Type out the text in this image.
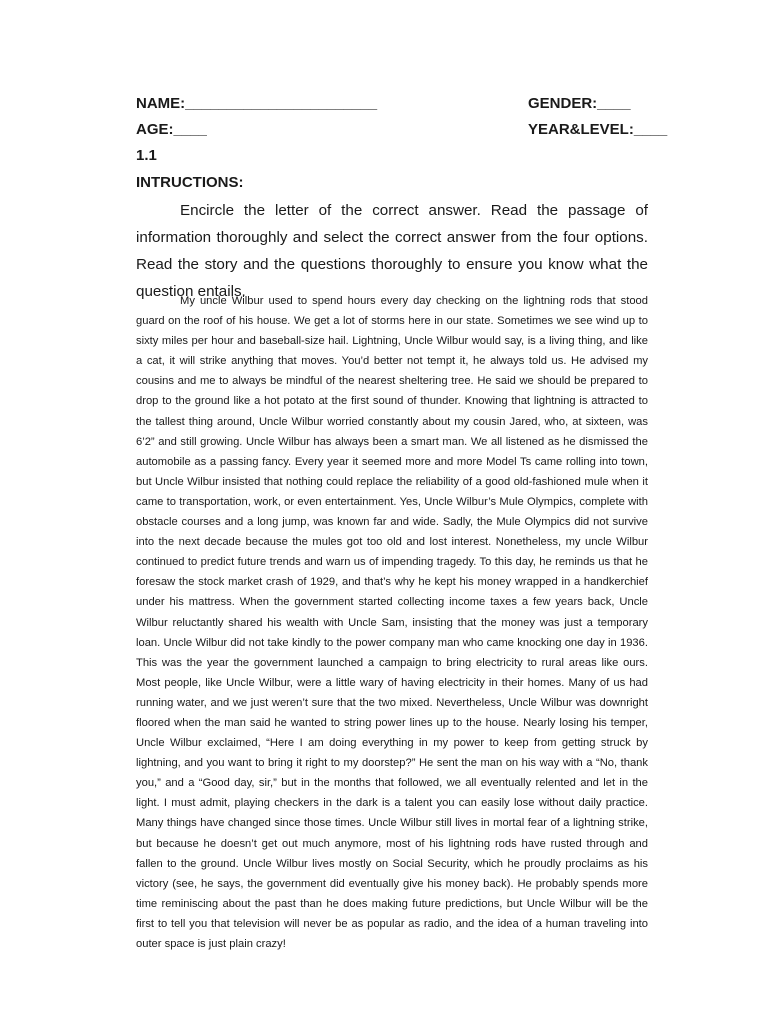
NAME:_______________________	GENDER:____
AGE:____	YEAR&LEVEL:____
1.1
INTRUCTIONS:

Encircle the letter of the correct answer. Read the passage of information thoroughly and select the correct answer from the four options. Read the story and the questions thoroughly to ensure you know what the question entails.

My uncle Wilbur used to spend hours every day checking on the lightning rods that stood guard on the roof of his house. We get a lot of storms here in our state. Sometimes we see wind up to sixty miles per hour and baseball-size hail. Lightning, Uncle Wilbur would say, is a living thing, and like a cat, it will strike anything that moves. You’d better not tempt it, he always told us. He advised my cousins and me to always be mindful of the nearest sheltering tree. He said we should be prepared to drop to the ground like a hot potato at the first sound of thunder. Knowing that lightning is attracted to the tallest thing around, Uncle Wilbur worried constantly about my cousin Jared, who, at sixteen, was 6’2” and still growing. Uncle Wilbur has always been a smart man. We all listened as he dismissed the automobile as a passing fancy. Every year it seemed more and more Model Ts came rolling into town, but Uncle Wilbur insisted that nothing could replace the reliability of a good old-fashioned mule when it came to transportation, work, or even entertainment. Yes, Uncle Wilbur’s Mule Olympics, complete with obstacle courses and a long jump, was known far and wide. Sadly, the Mule Olympics did not survive into the next decade because the mules got too old and lost interest. Nonetheless, my uncle Wilbur continued to predict future trends and warn us of impending tragedy. To this day, he reminds us that he foresaw the stock market crash of 1929, and that’s why he kept his money wrapped in a handkerchief under his mattress. When the government started collecting income taxes a few years back, Uncle Wilbur reluctantly shared his wealth with Uncle Sam, insisting that the money was just a temporary loan. Uncle Wilbur did not take kindly to the power company man who came knocking one day in 1936. This was the year the government launched a campaign to bring electricity to rural areas like ours. Most people, like Uncle Wilbur, were a little wary of having electricity in their homes. Many of us had running water, and we just weren’t sure that the two mixed. Nevertheless, Uncle Wilbur was downright floored when the man said he wanted to string power lines up to the house. Nearly losing his temper, Uncle Wilbur exclaimed, “Here I am doing everything in my power to keep from getting struck by lightning, and you want to bring it right to my doorstep?” He sent the man on his way with a “No, thank you,” and a “Good day, sir,” but in the months that followed, we all eventually relented and let in the light. I must admit, playing checkers in the dark is a talent you can easily lose without daily practice. Many things have changed since those times. Uncle Wilbur still lives in mortal fear of a lightning strike, but because he doesn’t get out much anymore, most of his lightning rods have rusted through and fallen to the ground. Uncle Wilbur lives mostly on Social Security, which he proudly proclaims as his victory (see, he says, the government did eventually give his money back). He probably spends more time reminiscing about the past than he does making future predictions, but Uncle Wilbur will be the first to tell you that television will never be as popular as radio, and the idea of a human traveling into outer space is just plain crazy!
